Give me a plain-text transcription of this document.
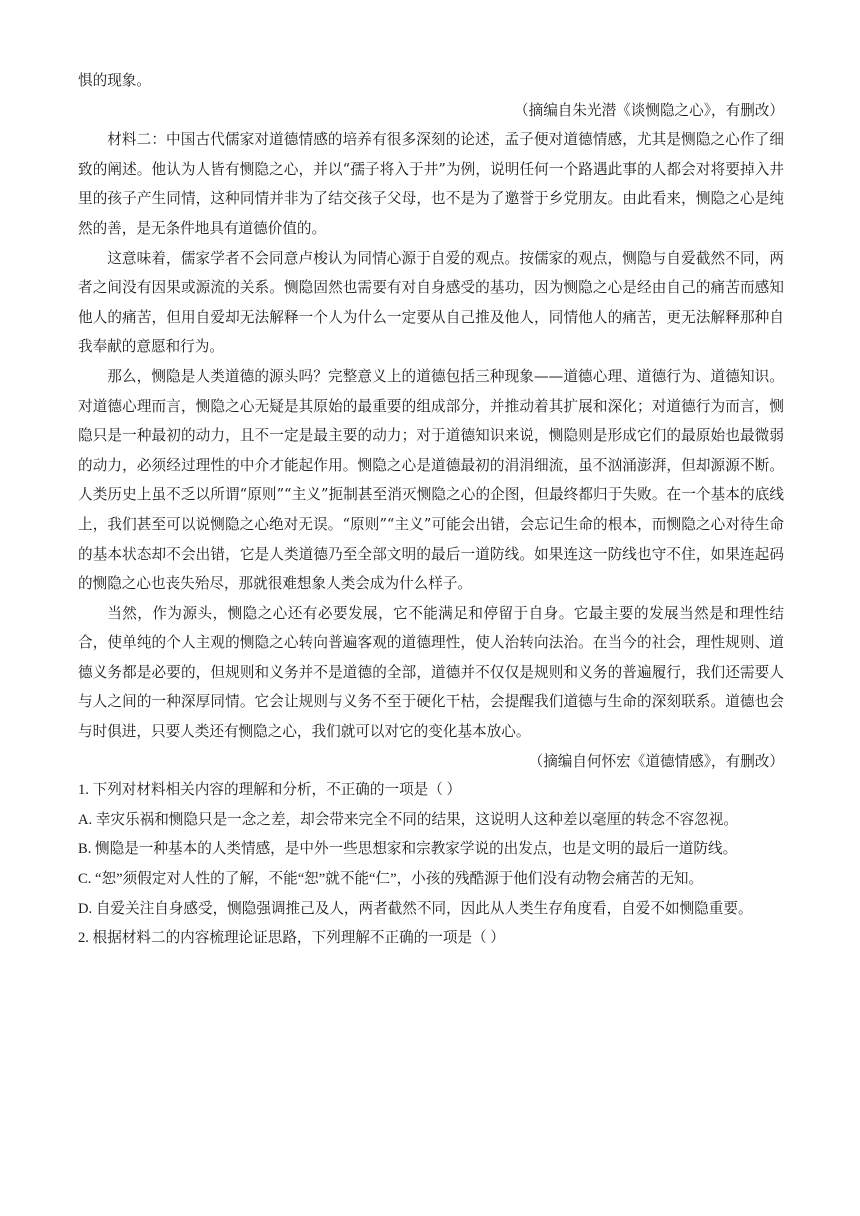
惧的现象。

（摘编自朱光潜《谈恻隐之心》，有删改）

材料二：中国古代儒家对道德情感的培养有很多深刻的论述，孟子便对道德情感，尤其是恻隐之心作了细致的阐述。他认为人皆有恻隐之心，并以“孺子将入于井”为例，说明任何一个路遇此事的人都会对将要掉入井里的孩子产生同情，这种同情并非为了结交孩子父母，也不是为了邀誉于乡党朋友。由此看来，恻隐之心是纯然的善，是无条件地具有道德价值的。

这意味着，儒家学者不会同意卢梭认为同情心源于自爱的观点。按儒家的观点，恻隐与自爱截然不同，两者之间没有因果或源流的关系。恻隐固然也需要有对自身感受的基功，因为恻隐之心是经由自己的痛苦而感知他人的痛苦，但用自爱却无法解释一个人为什么一定要从自己推及他人，同情他人的痛苦，更无法解释那种自我奉献的意愿和行为。

那么，恻隐是人类道德的源头吗？完整意义上的道德包括三种现象——道德心理、道德行为、道德知识。对道德心理而言，恻隐之心无疑是其原始的最重要的组成部分，并推动着其扩展和深化；对道德行为而言，恻隐只是一种最初的动力，且不一定是最主要的动力；对于道德知识来说，恻隐则是形成它们的最原始也最微弱的动力，必须经过理性的中介才能起作用。恻隐之心是道德最初的涓涓细流，虽不汹涌澎湃，但却源源不断。人类历史上虽不乏以所谓“原则”“主义”扼制甚至消灭恻隐之心的企图，但最终都归于失败。在一个基本的底线上，我们甚至可以说恻隐之心绝对无误。“原则”“主义”可能会出错，会忘记生命的根本，而恻隐之心对待生命的基本状态却不会出错，它是人类道德乃至全部文明的最后一道防线。如果连这一防线也守不住，如果连起码的恻隐之心也丧失殆尽，那就很难想象人类会成为什么样子。

当然，作为源头，恻隐之心还有必要发展，它不能满足和停留于自身。它最主要的发展当然是和理性结合，使单纯的个人主观的恻隐之心转向普遍客观的道德理性，使人治转向法治。在当今的社会，理性规则、道德义务都是必要的，但规则和义务并不是道德的全部，道德并不仅仅是规则和义务的普遍履行，我们还需要人与人之间的一种深厚同情。它会让规则与义务不至于硬化干枯，会提醒我们道德与生命的深刻联系。道德也会与时俱进，只要人类还有恻隐之心，我们就可以对它的变化基本放心。

（摘编自何怀宏《道德情感》，有删改）

1. 下列对材料相关内容的理解和分析，不正确的一项是（ ）

A. 幸灾乐祸和恻隐只是一念之差，却会带来完全不同的结果，这说明人这种差以毫厘的转念不容忽视。

B. 恻隐是一种基本的人类情感，是中外一些思想家和宗教家学说的出发点，也是文明的最后一道防线。

C. “恕”须假定对人性的了解，不能“恕”就不能“仁”，小孩的残酷源于他们没有动物会痛苦的无知。

D. 自爱关注自身感受，恻隐强调推己及人，两者截然不同，因此从人类生存角度看，自爱不如恻隐重要。

2. 根据材料二的内容梳理论证思路，下列理解不正确的一项是（ ）
